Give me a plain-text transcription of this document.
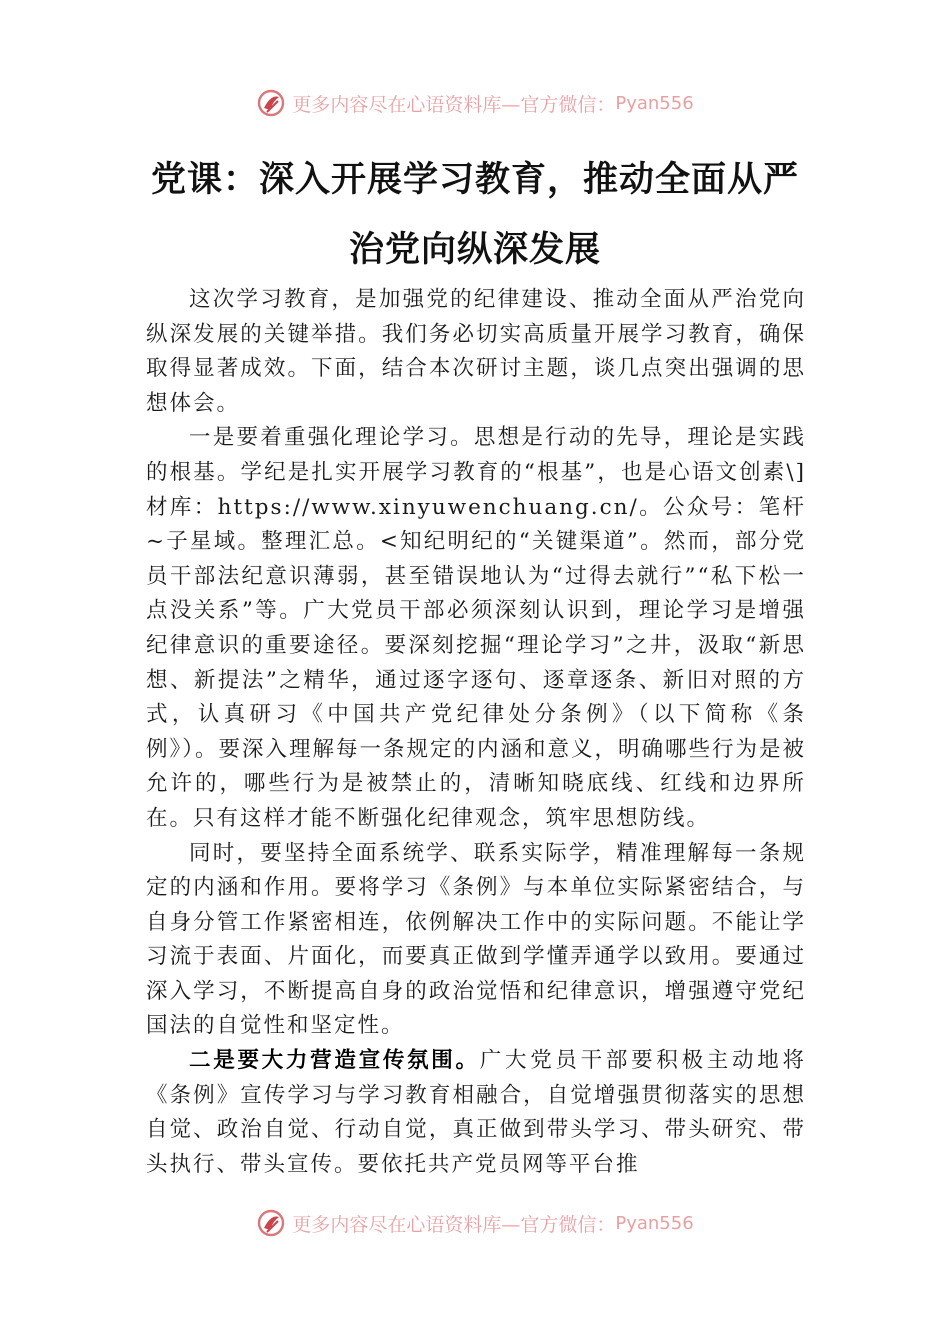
更多内容尽在心语资料库—官方微信： Pyan556
党课：深入开展学习教育，推动全面从严
治党向纵深发展

这次学习教育，是加强党的纪律建设、推动全面从严治党向纵深发展的关键举措。我们务必切实高质量开展学习教育，确保取得显著成效。下面，结合本次研讨主题，谈几点突出强调的思想体会。

一是要着重强化理论学习。思想是行动的先导，理论是实践的根基。学纪是扎实开展学习教育的“根基”，也是心语文创素\]材库：https://www.xinyuwenchuang.cn/。公众号：笔杆~子星域。整理汇总。<知纪明纪的“关键渠道”。然而，部分党员干部法纪意识薄弱，甚至错误地认为“过得去就行”“私下松一点没关系”等。广大党员干部必须深刻认识到，理论学习是增强纪律意识的重要途径。要深刻挖掘“理论学习”之井，汲取“新思想、新提法”之精华，通过逐字逐句、逐章逐条、新旧对照的方式，认真研习《中国共产党纪律处分条例》（以下简称《条例》）。要深入理解每一条规定的内涵和意义，明确哪些行为是被允许的，哪些行为是被禁止的，清晰知晓底线、红线和边界所在。只有这样才能不断强化纪律观念，筑牢思想防线。

同时，要坚持全面系统学、联系实际学，精准理解每一条规定的内涵和作用。要将学习《条例》与本单位实际紧密结合，与自身分管工作紧密相连，依例解决工作中的实际问题。不能让学习流于表面、片面化，而要真正做到学懂弄通学以致用。要通过深入学习，不断提高自身的政治觉悟和纪律意识，增强遵守党纪国法的自觉性和坚定性。

二是要大力营造宣传氛围。广大党员干部要积极主动地将《条例》宣传学习与学习教育相融合，自觉增强贯彻落实的思想自觉、政治自觉、行动自觉，真正做到带头学习、带头研究、带头执行、带头宣传。要依托共产党员网等平台推

更多内容尽在心语资料库—官方微信： Pyan556
